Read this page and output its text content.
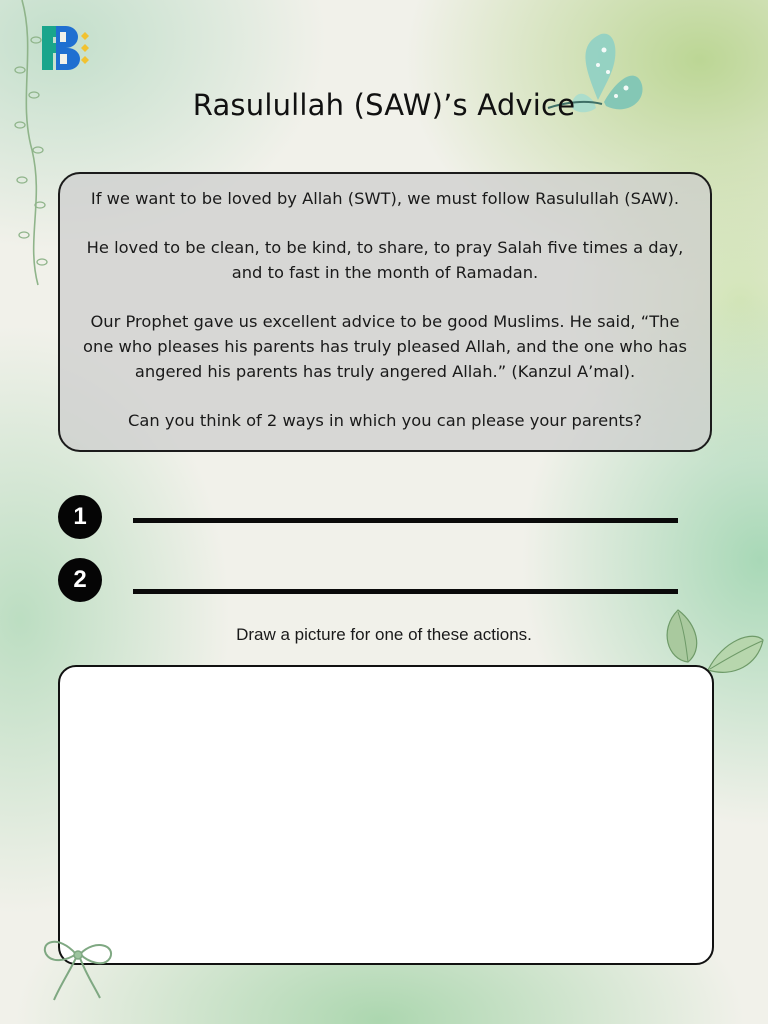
Rasulullah (SAW)’s Advice

If we want to be loved by Allah (SWT), we must follow Rasulullah (SAW).

He loved to be clean, to be kind, to share, to pray Salah five times a day, and to fast in the month of Ramadan.

Our Prophet gave us excellent advice to be good Muslims. He said, “The one who pleases his parents has truly pleased Allah, and the one who has angered his parents has truly angered Allah.” (Kanzul A’mal).

Can you think of 2 ways in which you can please your parents?

1
2
Draw a picture for one of these actions.
